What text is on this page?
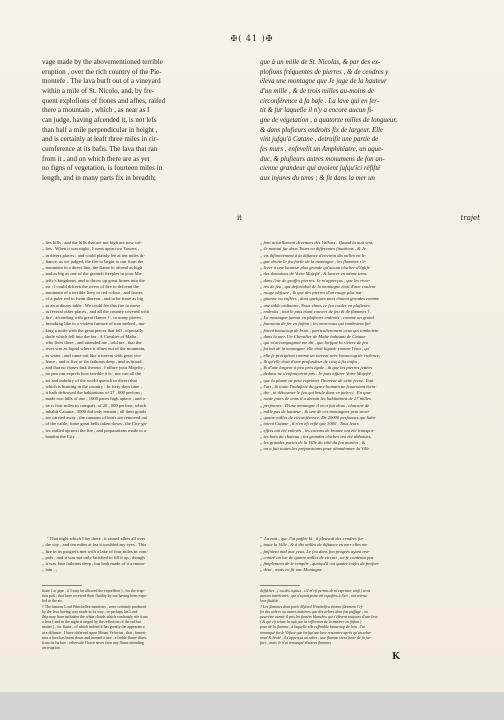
✠( 41 )✠
vage made by the abovementioned terrible
eruption , over the rich country of the Pie-
montefe . The lava burft out of a vineyard
within a mile of St. Nicolo, and, by fre-
quent explofions of ftones and afhes, raifed
there a mountain , which , as near as I
can judge, having afcended it, is not lefs
than half a mile perpendicular in height ,
and is certainly at leaft three miles in cir-
cumference at its bafis. The lava that ran
from it , and on which there are as yet
no figns of vegetation, is fourteen miles in
length, and in many parts fix in breadth;
it
gue à un mille de St. Nicolas, & par des ex-
plofions fréquentes de pierres , & de cendres y
éleva une montagne que Je juge de la hauteur
d'un mille , & de trois milles au-moins de
circonférence à fa bafe . La lave qui en fer-
tit & fur laquelle il n'y a encore aucun fi-
gne de végetation , a quatorze milles de longueur,
& dans plufieurs endroits fix de largeur. Elle
vint jufqu'à Catane , detruifit une partie de
fes murs , enfevelit un Amphitéatre, un aque-
duc, & plufieurs autres monumens de fon an-
cienne grandeur qui avoient jufqu'ici réfifté
aux injures du tems ; & fit dans la mer un
trajet
,, lies hills , and the hills that are not high are now val-
,, lies . When it was night , I went upon two Towers ,
,, in divers places ; and could plainly fee at ten miles di-
,, ftance, as we judged, the fire to begin to run from the
,, mountain in a direct line, the flame to afcend as high
,, and as big as one of the greateft fteeples in your Ma-
,, jefty's kingdoms, and to throw up great ftones into the
,, air ; I could difcern the rivers of fire to defcend the
,, mountain of a terrible fiery or red colour , and ftones
,, of a paler red to fwim thereon , and to be fome as big
,, as an ordinary table . We could fee this fire to move
,, in feveral other places , and all the country covered with
,, fire , afcending with great flames † , in many places ,
,, fmoaking like to a violent furnace of iron melted , ma-
,, king a noife with the great pieces that fell , efpecially
,, thofe which fell into the fea . A Cavalier of Malta ,
,, who lives there , and attended me , told me , that the
,, river was as liquid where it iffues out of the mountain,
,, as water , and came out like a torrent with great vio-
,, lence , and is five or fix fathoms deep , and as broad ,
,, and that no ftones fink therein . I affure your Majefty ,
,, no pen can exprefs how terrible it is , nor can all the
,, art and induftry of the world quench or divert that
,, which is burning in the country : In forty days time ,
,, it hath deftroyed the habitations of 27 , 000 perfons ;
,, made two hills of one , 1000 paces high apiece , and o-
,, ne is four miles in compafs; of 20 , 000 perfons, which
,, inhabit Catania , 3000 did only remain ; all their goods
,, are carried away , the cannons of brafs are removed out
,, of the caftle, fome great bells taken down , the City-ga-
,, tes walled up next the fire , and preparations made to a-
,, bandon the City .
,, font actuellement devenues des Vallons . Quand la nuit vint,
,, Je montai fur deux Tours en differentes fituations , & Je
,, vis diftinctement à la diftance d'environ dix milles en li-
,, gne droite le feu fortir de la montagne , les flammes s'é-
,, lever à une hauteur plus grande qu'aucun clocher d'églife
,, des domaines de Votre Majefté , & lancer en mème tems
,, dans l'air de groffes pierres. Je m'apperçus , que les rivie-
,, res de feu , qui defcendoit de la montagne étoit d'une couleur
,, rouge obfcure , & que des pierres d'un rouge plus ma-
,, gnonne ou enflées , dont quelques unes étoient grandes comme
,, une table ordinaire, Nous vîmes ce feu couler en plufieurs
,, endroits , tout le païs étant couvert de feu & de flammes †.
,, La montagne fumoit en plufieurs endroits , comme un grand
,, fourneau de fer en fufion ; les morceaux qui tomboient fai-
,, foient beaucoup de bruit , particulierement ceux qui tomboient
,, dans la mer. Un Chevalier de Malte habitant de Catane
,, qui m'accompagnoit me dit , que lorfque la riviere de feu
,, fortoit de la montagne, elle étoit liquide comme l'eau , qu'
,, elle fe précipitoit comme un torrent avec beaucoup de violence;
,, & qu'elle étoit d'une profondeur de cinq à fix toifes ,
,, & d'une largeur à peu près égale , & que les pierres jettées
,, dedans ne s'enfonçoient pas . Je puis affurer Votre Majefté ,
,, que la plume ne peut exprimer l'horreur de cette fcene. Tout
,, l'art , & toute l'induftrie du genre humain ne fcauroient étein-
,, dre , ni détourner le feu qui brule dans ce païs-ci . En qua-
,, rante jours de tems il a detruit les habitations de 27 milles
,, perfonnes . D'une montagne il en a fait deux , chacune de
,, mille pas de hauteur , & une de ces montagnes peut avoir
,, quatre milles de circonférence. De 20000 perfonnes qui habi-
,, toient Catane , il n'en eft refté que 3000 . Tous leurs
,, effets ont été enlevés , les canons de bronze ont été transpor-
,, tes hors du chateau ; les grandes cloches ont été abbatues,
,, les grandes portes de la Ville du côté du feu murées , &
,, on a fait toutes les préparations pour abandonner la Ville .
" That night which I lay there , it rained afhes all over
,, the city , and ten miles at fea it troubled my eyes . This
,, fire in its progrefs met with a lake of four miles in com-
,, pafs ; and it was not only fatisfied to fill it up , though
,, it was four fathoms deep , but hath made of it a moun-
,, tain . ,
"  La nuit , que J'ai paffée là , il pleuvoit des cendres fur
,, toute la Ville , & à dix milles de diftance en mer elles me
,, faifoient mal aux yeux. Le feu dans fon progrès ayant ren-
,, contré un lac de quatre milles de circuit , ne fe contenta pas
,, fimplement de le remplir , quoiqu'il eut quatre toifes de profon-
,, deur , mais en fit une Montagne .
ftone ( or pipe , if I may be allowed the expreffion ) , for the erup-
tion paft , that have received their fluidity by not having been expo-
fed to the air .
† The famous Lord Winchelfea mentions , were certainly produced
by the lava having way made in its way ; or perhaps his Lord-
fhip may have miftaken the white clouds which conftantly rife from
a lava ( and in the night is tinged by the reflection of the red hot
matter ) , for flame , of which indeed it has greatly the appearance
at a diftance . I have obferved upon Mount Vefuvius , that , fometi-
mes a lava has burnt down and formed a tree , a feeble flame iffues
from its furface ; otherwife I have never feen any flame attending
an eruption .
deffécher , ( ou des tuyaux , s'il m'eft permis de m'exprimer ainfi ) trois
parties intérieures , qui n'ayant point été expofées à l'air , ont retenu
leur fluidité .
† Les flammes dont parle Mylord Winchelfea étoient fûrement l'ef-
fet des arbres ou autres matieres que des arbres dont fon paffage ; ou
peut-être aurait-il pris les fumées blanches qui s'élèvent toujours d'une lave
( & qui eft teinte la nuit par la réflection de la matiere en fufion )
pour de la flamme , à laquelle elle reffemble beaucoup de loin . J'ai
remarqué fur le Véfuve que lorfqu'une lave rencontre après qu'un arbre
noué & brulé , il s'apperçut un arbre , une flamme vient fortir de fa fur-
face , mais Je n'ai remarqué d'autres flammes .
K
